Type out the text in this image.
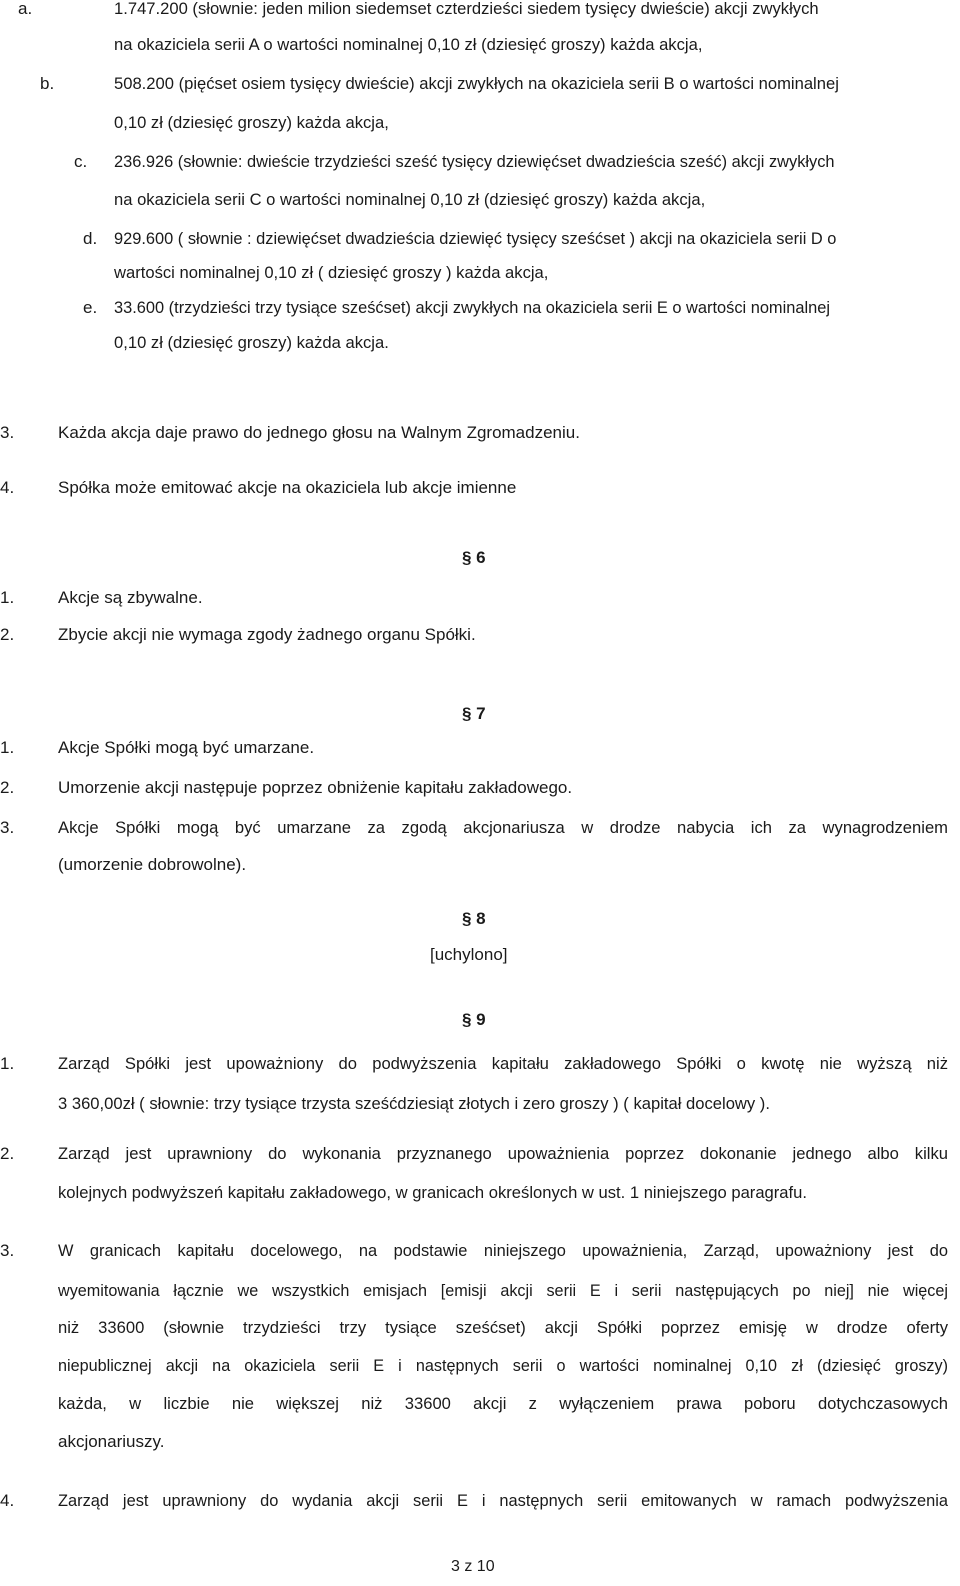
a.	1.747.200 (słownie: jeden milion siedemset czterdzieści siedem tysięcy dwieście) akcji zwykłych
na okaziciela serii A o wartości nominalnej 0,10 zł (dziesięć groszy) każda akcja,
b.	508.200 (pięćset osiem tysięcy dwieście) akcji zwykłych na okaziciela serii B o wartości nominalnej
0,10 zł (dziesięć groszy) każda akcja,
c. 236.926 (słownie: dwieście trzydzieści sześć tysięcy dziewięćset dwadzieścia sześć) akcji zwykłych
na okaziciela serii C o wartości nominalnej 0,10 zł (dziesięć groszy) każda akcja,
d. 929.600 ( słownie : dziewięćset dwadzieścia dziewięć tysięcy sześćset ) akcji na okaziciela serii D o
wartości nominalnej 0,10 zł ( dziesięć groszy ) każda akcja,
e. 33.600 (trzydzieści trzy tysiące sześćset) akcji zwykłych na okaziciela serii E o wartości nominalnej
0,10 zł (dziesięć groszy) każda akcja.
3.	Każda akcja daje prawo do jednego głosu na Walnym Zgromadzeniu.
4.	Spółka może emitować akcje na okaziciela lub akcje imienne
§ 6
1.	Akcje są zbywalne.
2.	Zbycie akcji nie wymaga zgody żadnego organu Spółki.
§ 7
1.	Akcje Spółki mogą być umarzane.
2.	Umorzenie akcji następuje poprzez obniżenie kapitału zakładowego.
3.	Akcje Spółki mogą być umarzane za zgodą akcjonariusza w drodze nabycia ich za wynagrodzeniem
(umorzenie dobrowolne).
§ 8
[uchylono]
§ 9
1.	Zarząd Spółki jest upoważniony do podwyższenia kapitału zakładowego Spółki o kwotę nie wyższą niż
3 360,00zł ( słownie: trzy tysiące trzysta sześćdziesiąt złotych i zero groszy ) ( kapitał docelowy ).
2.	Zarząd jest uprawniony do wykonania przyznanego upoważnienia poprzez dokonanie jednego albo kilku
kolejnych podwyższeń kapitału zakładowego, w granicach określonych w ust. 1 niniejszego paragrafu.
3.	W granicach kapitału docelowego, na podstawie niniejszego upoważnienia, Zarząd, upoważniony jest do
wyemitowania łącznie we wszystkich emisjach [emisji akcji serii E i serii następujących po niej] nie więcej
niż 33600 (słownie trzydzieści trzy tysiące sześćset) akcji Spółki poprzez emisję w drodze oferty
niepublicznej akcji na okaziciela serii E i następnych serii o wartości nominalnej 0,10 zł (dziesięć groszy)
każda, w liczbie nie większej niż 33600 akcji z wyłączeniem prawa poboru dotychczasowych
akcjonariuszy.
4.	Zarząd jest uprawniony do wydania akcji serii E i następnych serii emitowanych w ramach podwyższenia
3 z 10
